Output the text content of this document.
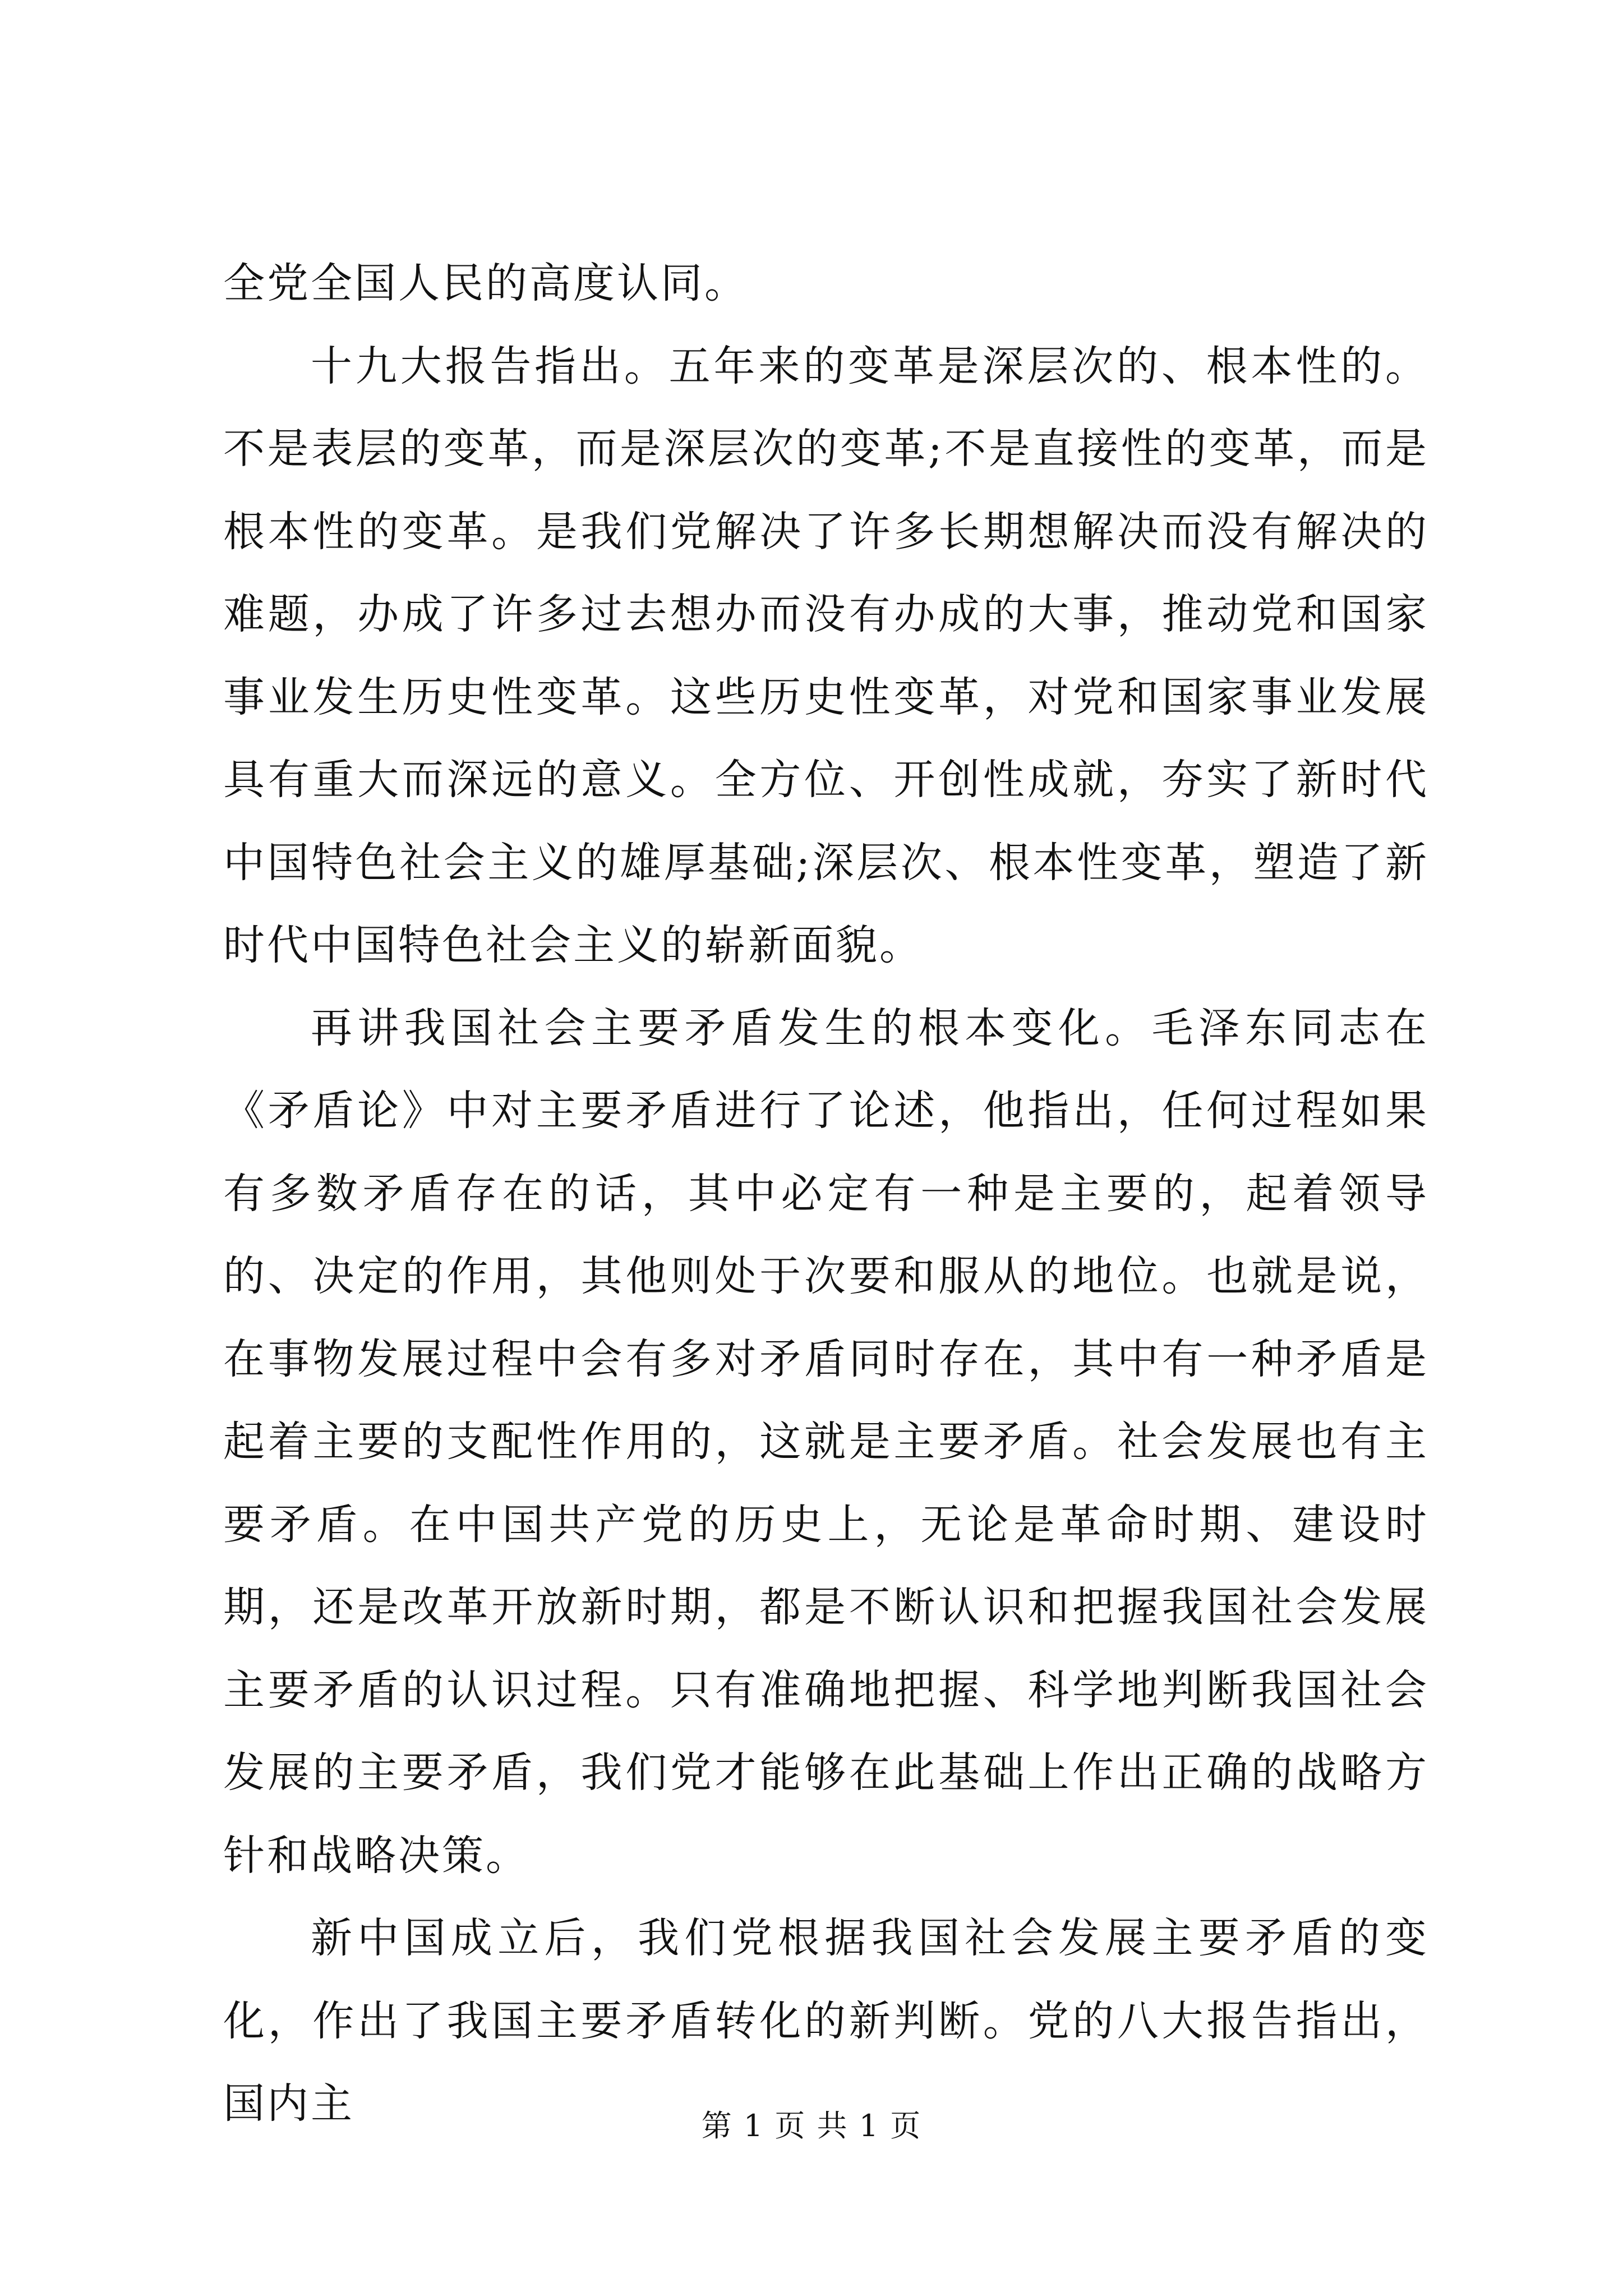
全党全国人民的高度认同。

十九大报告指出。五年来的变革是深层次的、根本性的。不是表层的变革，而是深层次的变革;不是直接性的变革，而是根本性的变革。是我们党解决了许多长期想解决而没有解决的难题，办成了许多过去想办而没有办成的大事，推动党和国家事业发生历史性变革。这些历史性变革，对党和国家事业发展具有重大而深远的意义。全方位、开创性成就，夯实了新时代中国特色社会主义的雄厚基础;深层次、根本性变革，塑造了新时代中国特色社会主义的崭新面貌。

再讲我国社会主要矛盾发生的根本变化。毛泽东同志在《矛盾论》中对主要矛盾进行了论述，他指出，任何过程如果有多数矛盾存在的话，其中必定有一种是主要的，起着领导的、决定的作用，其他则处于次要和服从的地位。也就是说，在事物发展过程中会有多对矛盾同时存在，其中有一种矛盾是起着主要的支配性作用的，这就是主要矛盾。社会发展也有主要矛盾。在中国共产党的历史上，无论是革命时期、建设时期，还是改革开放新时期，都是不断认识和把握我国社会发展主要矛盾的认识过程。只有准确地把握、科学地判断我国社会发展的主要矛盾，我们党才能够在此基础上作出正确的战略方针和战略决策。

新中国成立后，我们党根据我国社会发展主要矛盾的变化，作出了我国主要矛盾转化的新判断。党的八大报告指出，国内主	第 1 页 共 1 页
